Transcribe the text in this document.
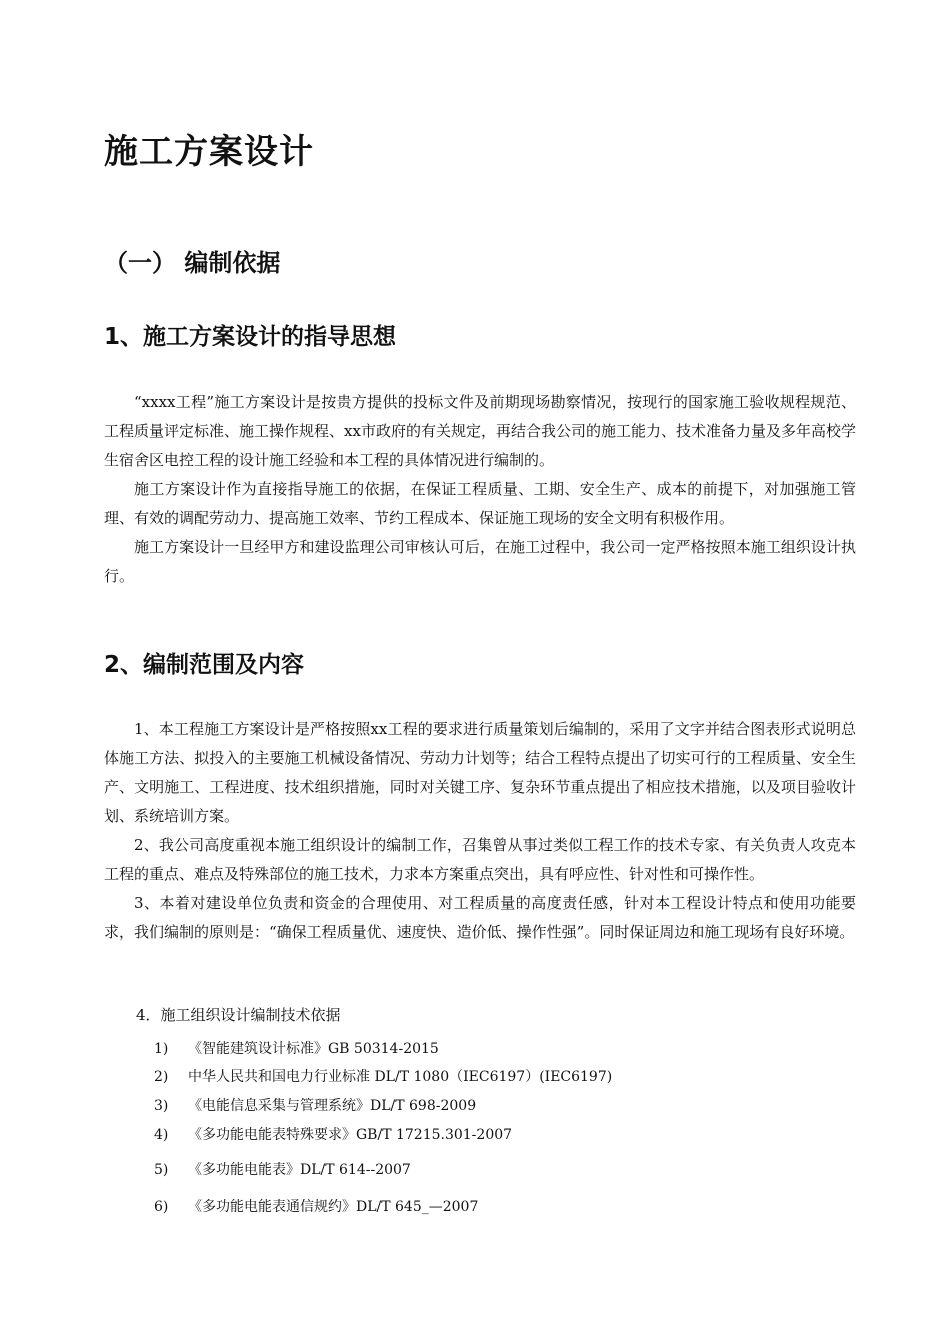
施工方案设计
（一） 编制依据
1、施工方案设计的指导思想

“xxxx工程”施工方案设计是按贵方提供的投标文件及前期现场勘察情况，按现行的国家施工验收规程规范、工程质量评定标准、施工操作规程、xx市政府的有关规定，再结合我公司的施工能力、技术准备力量及多年高校学生宿舍区电控工程的设计施工经验和本工程的具体情况进行编制的。

施工方案设计作为直接指导施工的依据，在保证工程质量、工期、安全生产、成本的前提下，对加强施工管理、有效的调配劳动力、提高施工效率、节约工程成本、保证施工现场的安全文明有积极作用。

施工方案设计一旦经甲方和建设监理公司审核认可后，在施工过程中，我公司一定严格按照本施工组织设计执行。

2、编制范围及内容

1、本工程施工方案设计是严格按照xx工程的要求进行质量策划后编制的，采用了文字并结合图表形式说明总体施工方法、拟投入的主要施工机械设备情况、劳动力计划等；结合工程特点提出了切实可行的工程质量、安全生产、文明施工、工程进度、技术组织措施，同时对关键工序、复杂环节重点提出了相应技术措施，以及项目验收计划、系统培训方案。

2、我公司高度重视本施工组织设计的编制工作，召集曾从事过类似工程工作的技术专家、有关负责人攻克本工程的重点、难点及特殊部位的施工技术，力求本方案重点突出，具有呼应性、针对性和可操作性。

3、本着对建设单位负责和资金的合理使用、对工程质量的高度责任感，针对本工程设计特点和使用功能要求，我们编制的原则是：“确保工程质量优、速度快、造价低、操作性强”。同时保证周边和施工现场有良好环境。

4．施工组织设计编制技术依据

1) 《智能建筑设计标准》GB 50314-2015

2) 中华人民共和国电力行业标准 DL/T 1080（IEC6197）(IEC6197)

3) 《电能信息采集与管理系统》DL/T 698-2009

4) 《多功能电能表特殊要求》GB/T 17215.301-2007

5) 《多功能电能表》DL/T 614--2007

6) 《多功能电能表通信规约》DL/T 645_—2007
